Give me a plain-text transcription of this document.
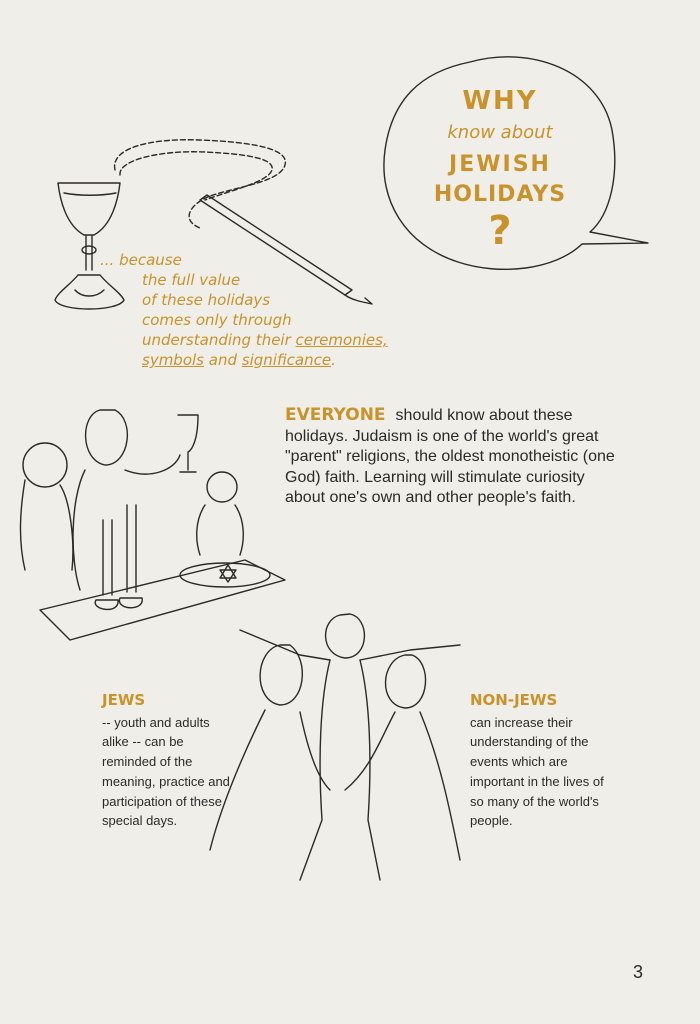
WHY
know about
JEWISH
HOLIDAYS
?
... because
the full value
of these holidays
comes only through
understanding their ceremonies,
symbols and significance.
EVERYONE should know about these holidays. Judaism is one of the world's great "parent" religions, the oldest monotheistic (one God) faith. Learning will stimulate curiosity about one's own and other people's faith.
JEWS
-- youth and adults alike -- can be reminded of the meaning, practice and participation of these special days.
NON-JEWS
can increase their understanding of the events which are important in the lives of so many of the world's people.
3
